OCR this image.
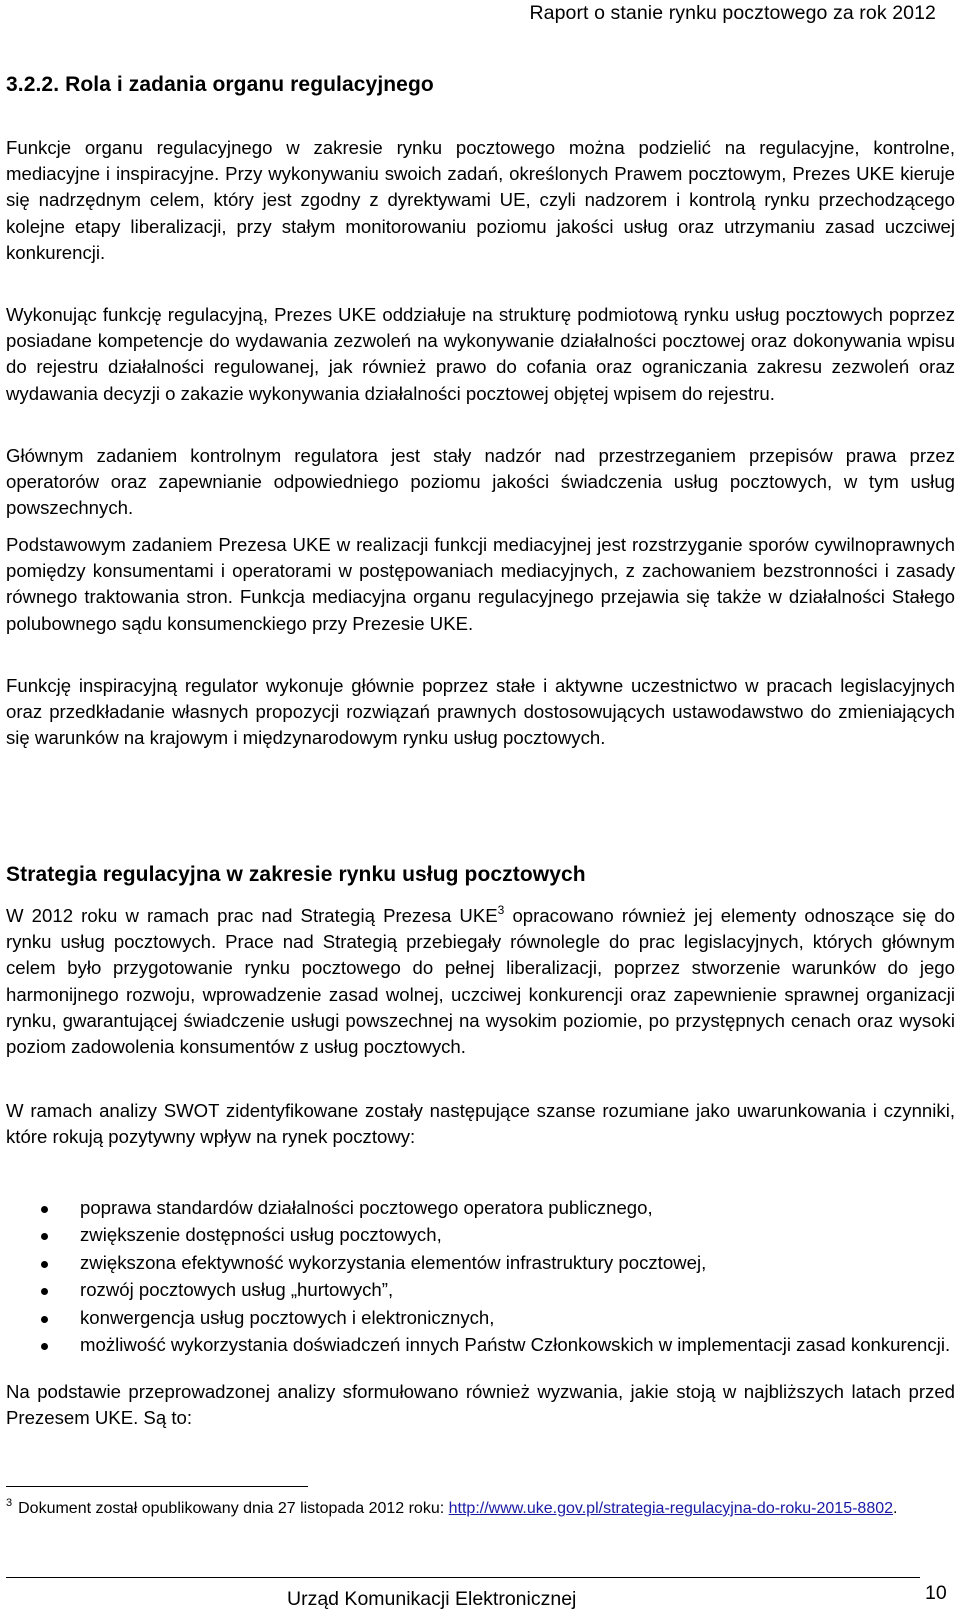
Raport o stanie rynku pocztowego za rok 2012
3.2.2. Rola i zadania organu regulacyjnego

Funkcje organu regulacyjnego w zakresie rynku pocztowego można podzielić na regulacyjne, kontrolne, mediacyjne i inspiracyjne. Przy wykonywaniu swoich zadań, określonych Prawem pocztowym, Prezes UKE kieruje się nadrzędnym celem, który jest zgodny z dyrektywami UE, czyli nadzorem i kontrolą rynku przechodzącego kolejne etapy liberalizacji, przy stałym monitorowaniu poziomu jakości usług oraz utrzymaniu zasad uczciwej konkurencji.

Wykonując funkcję regulacyjną, Prezes UKE oddziałuje na strukturę podmiotową rynku usług pocztowych poprzez posiadane kompetencje do wydawania zezwoleń na wykonywanie działalności pocztowej oraz dokonywania wpisu do rejestru działalności regulowanej, jak również prawo do cofania oraz ograniczania zakresu zezwoleń oraz wydawania decyzji o zakazie wykonywania działalności pocztowej objętej wpisem do rejestru.

Głównym zadaniem kontrolnym regulatora jest stały nadzór nad przestrzeganiem przepisów prawa przez operatorów oraz zapewnianie odpowiedniego poziomu jakości świadczenia usług pocztowych, w tym usług powszechnych.

Podstawowym zadaniem Prezesa UKE w realizacji funkcji mediacyjnej jest rozstrzyganie sporów cywilnoprawnych pomiędzy konsumentami i operatorami w postępowaniach mediacyjnych, z zachowaniem bezstronności i zasady równego traktowania stron. Funkcja mediacyjna organu regulacyjnego przejawia się także w działalności Stałego polubownego sądu konsumenckiego przy Prezesie UKE.

Funkcję inspiracyjną regulator wykonuje głównie poprzez stałe i aktywne uczestnictwo w pracach legislacyjnych oraz przedkładanie własnych propozycji rozwiązań prawnych dostosowujących ustawodawstwo do zmieniających się warunków na krajowym i międzynarodowym rynku usług pocztowych.

Strategia regulacyjna w zakresie rynku usług pocztowych

W 2012 roku w ramach prac nad Strategią Prezesa UKE$^3$ opracowano również jej elementy odnoszące się do rynku usług pocztowych. Prace nad Strategią przebiegały równolegle do prac legislacyjnych, których głównym celem było przygotowanie rynku pocztowego do pełnej liberalizacji, poprzez stworzenie warunków do jego harmonijnego rozwoju, wprowadzenie zasad wolnej, uczciwej konkurencji oraz zapewnienie sprawnej organizacji rynku, gwarantującej świadczenie usługi powszechnej na wysokim poziomie, po przystępnych cenach oraz wysoki poziom zadowolenia konsumentów z usług pocztowych.

W ramach analizy SWOT zidentyfikowane zostały następujące szanse rozumiane jako uwarunkowania i czynniki, które rokują pozytywny wpływ na rynek pocztowy:

poprawa standardów działalności pocztowego operatora publicznego,
zwiększenie dostępności usług pocztowych,
zwiększona efektywność wykorzystania elementów infrastruktury pocztowej,
rozwój pocztowych usług „hurtowych”,
konwergencja usług pocztowych i elektronicznych,
możliwość wykorzystania doświadczeń innych Państw Członkowskich w implementacji zasad konkurencji.

Na podstawie przeprowadzonej analizy sformułowano również wyzwania, jakie stoją w najbliższych latach przed Prezesem UKE. Są to:

$^3$ Dokument został opublikowany dnia 27 listopada 2012 roku: http://www.uke.gov.pl/strategia-regulacyjna-do-roku-2015-8802.
Urząd Komunikacji Elektronicznej	10
